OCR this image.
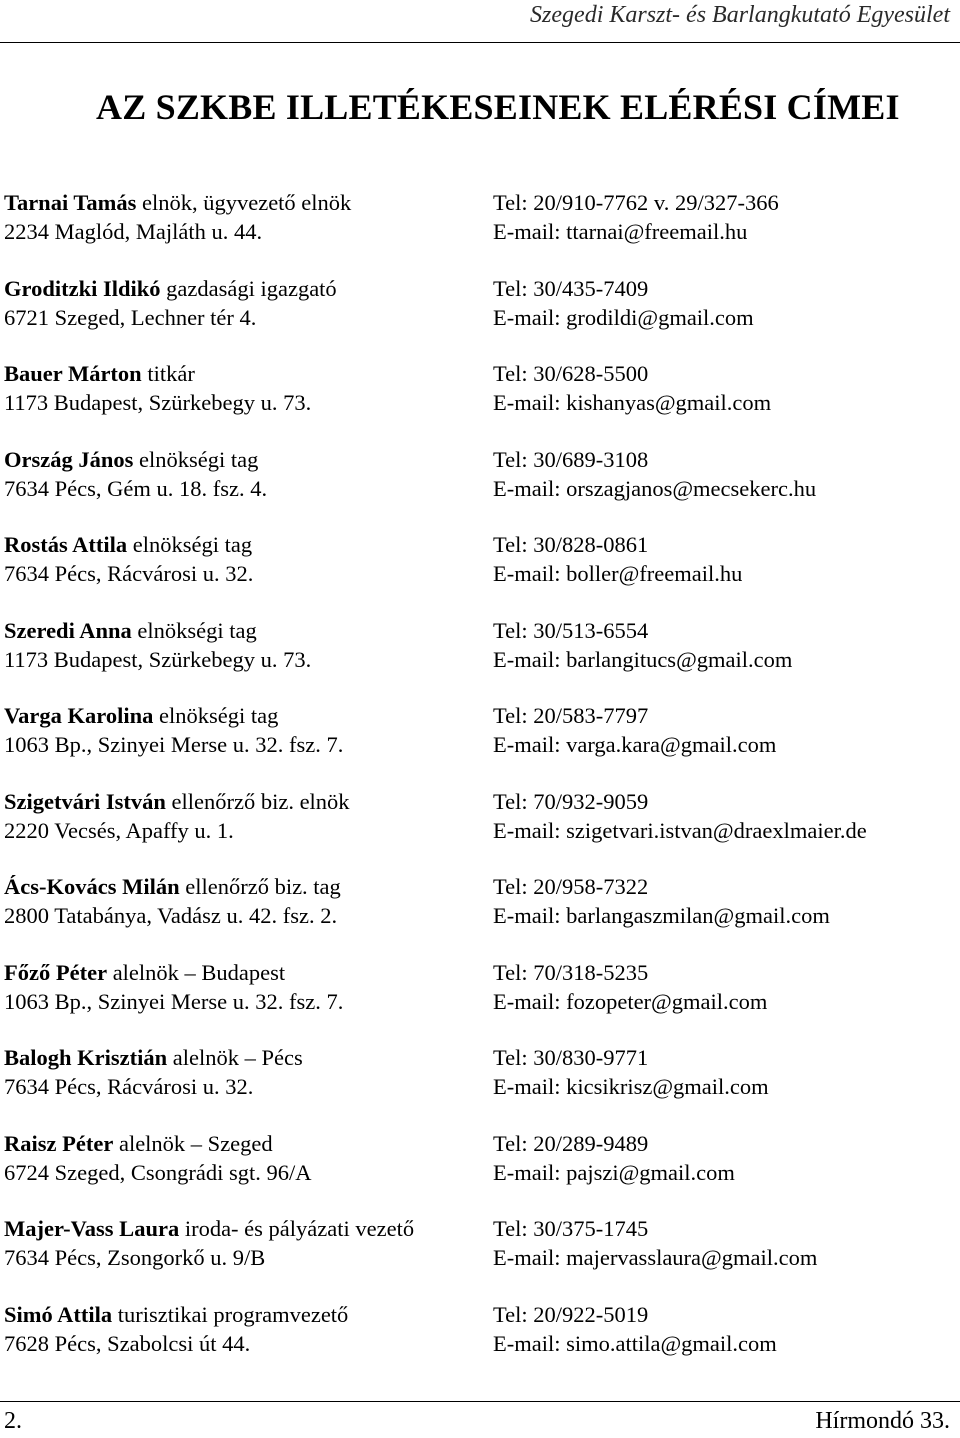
Szegedi Karszt- és Barlangkutató Egyesület
AZ SZKBE ILLETÉKESEINEK ELÉRÉSI CÍMEI
Tarnai Tamás elnök, ügyvezető elnök
2234 Maglód, Majláth u. 44.
Tel: 20/910-7762 v. 29/327-366
E-mail: ttarnai@freemail.hu
Groditzki Ildikó gazdasági igazgató
6721 Szeged, Lechner tér 4.
Tel: 30/435-7409
E-mail: grodildi@gmail.com
Bauer Márton titkár
1173 Budapest, Szürkebegy u. 73.
Tel: 30/628-5500
E-mail: kishanyas@gmail.com
Ország János elnökségi tag
7634 Pécs, Gém u. 18. fsz. 4.
Tel: 30/689-3108
E-mail: orszagjanos@mecsekerc.hu
Rostás Attila elnökségi tag
7634 Pécs, Rácvárosi u. 32.
Tel: 30/828-0861
E-mail: boller@freemail.hu
Szeredi Anna elnökségi tag
1173 Budapest, Szürkebegy u. 73.
Tel: 30/513-6554
E-mail: barlangitucs@gmail.com
Varga Karolina elnökségi tag
1063 Bp., Szinyei Merse u. 32. fsz. 7.
Tel: 20/583-7797
E-mail: varga.kara@gmail.com
Szigetvári István ellenőrző biz. elnök
2220 Vecsés, Apaffy u. 1.
Tel: 70/932-9059
E-mail: szigetvari.istvan@draexlmaier.de
Ács-Kovács Milán ellenőrző biz. tag
2800 Tatabánya, Vadász u. 42. fsz. 2.
Tel: 20/958-7322
E-mail: barlangaszmilan@gmail.com
Főző Péter alelnök – Budapest
1063 Bp., Szinyei Merse u. 32. fsz. 7.
Tel: 70/318-5235
E-mail: fozopeter@gmail.com
Balogh Krisztián alelnök – Pécs
7634 Pécs, Rácvárosi u. 32.
Tel: 30/830-9771
E-mail: kicsikrisz@gmail.com
Raisz Péter alelnök – Szeged
6724 Szeged, Csongrádi sgt. 96/A
Tel: 20/289-9489
E-mail: pajszi@gmail.com
Majer-Vass Laura iroda- és pályázati vezető
7634 Pécs, Zsongorkő u. 9/B
Tel: 30/375-1745
E-mail: majervasslaura@gmail.com
Simó Attila turisztikai programvezető
7628 Pécs, Szabolcsi út 44.
Tel: 20/922-5019
E-mail: simo.attila@gmail.com
2.	Hírmondó 33.
